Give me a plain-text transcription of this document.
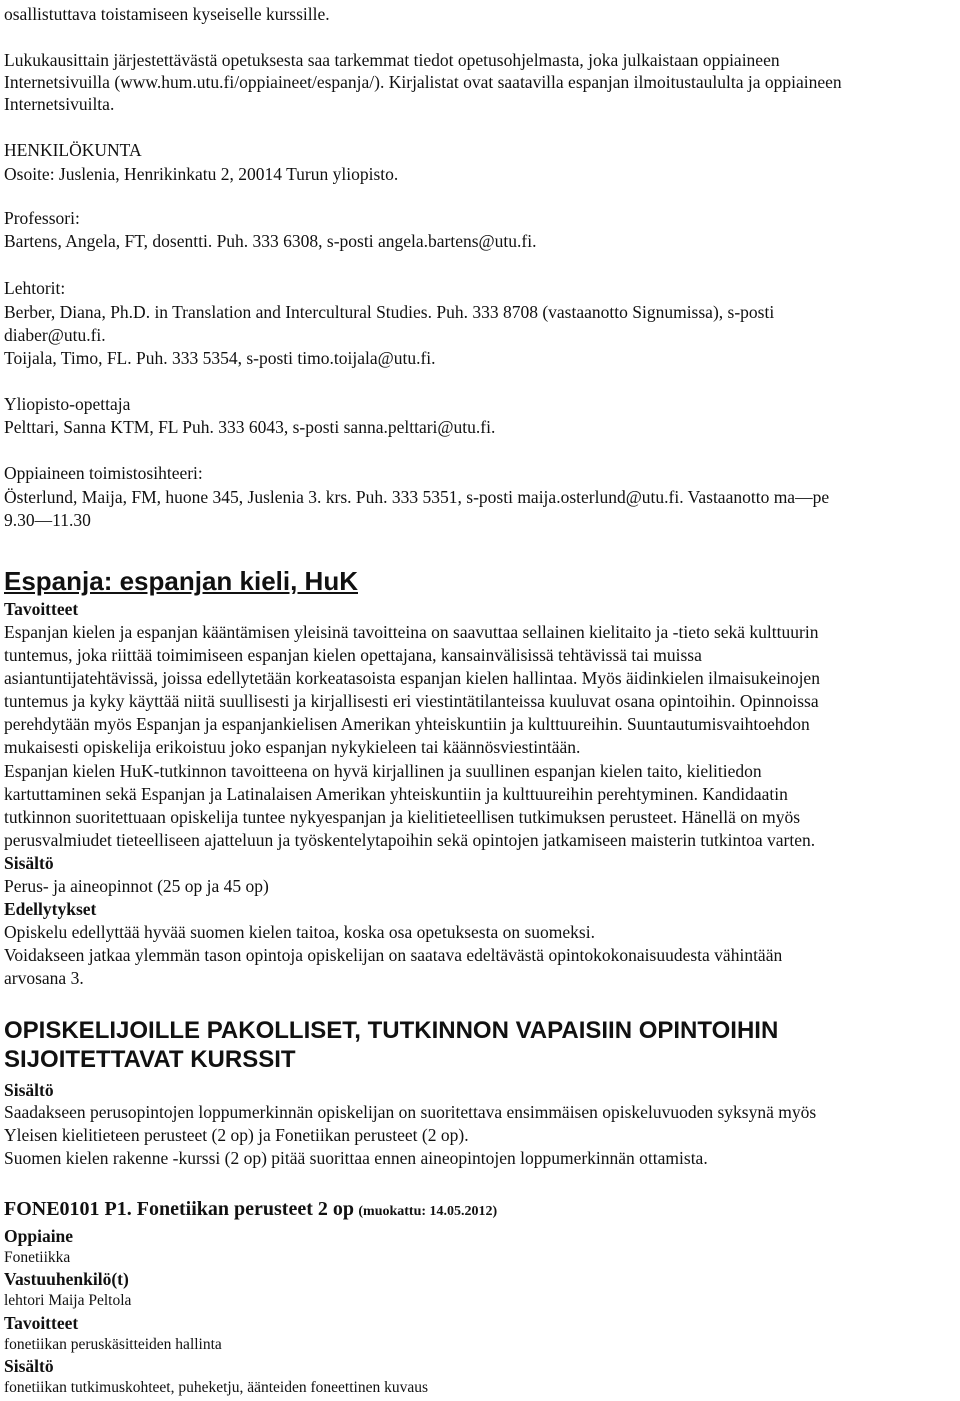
osallistuttava toistamiseen kyseiselle kurssille.
Lukukausittain järjestettävästä opetuksesta saa tarkemmat tiedot opetusohjelmasta, joka julkaistaan oppiaineen
Internetsivuilla (www.hum.utu.fi/oppiaineet/espanja/). Kirjalistat ovat saatavilla espanjan ilmoitustaululta ja oppiaineen
Internetsivuilta.
HENKILÖKUNTA
Osoite: Juslenia, Henrikinkatu 2, 20014 Turun yliopisto.
Professori:
Bartens, Angela, FT, dosentti. Puh. 333 6308, s-posti angela.bartens@utu.fi.
Lehtorit:
Berber, Diana, Ph.D. in Translation and Intercultural Studies. Puh. 333 8708 (vastaanotto Signumissa), s-posti
diaber@utu.fi.
Toijala, Timo, FL. Puh. 333 5354, s-posti timo.toijala@utu.fi.
Yliopisto-opettaja
Pelttari, Sanna KTM, FL Puh. 333 6043, s-posti sanna.pelttari@utu.fi.
Oppiaineen toimistosihteeri:
Österlund, Maija, FM, huone 345, Juslenia 3. krs. Puh. 333 5351, s-posti maija.osterlund@utu.fi. Vastaanotto ma—pe
9.30—11.30
Espanja: espanjan kieli, HuK
Tavoitteet
Espanjan kielen ja espanjan kääntämisen yleisinä tavoitteina on saavuttaa sellainen kielitaito ja -tieto sekä kulttuurin
tuntemus, joka riittää toimimiseen espanjan kielen opettajana, kansainvälisissä tehtävissä tai muissa
asiantuntijatehtävissä, joissa edellytetään korkeatasoista espanjan kielen hallintaa. Myös äidinkielen ilmaisukeinojen
tuntemus ja kyky käyttää niitä suullisesti ja kirjallisesti eri viestintätilanteissa kuuluvat osana opintoihin. Opinnoissa
perehdytään myös Espanjan ja espanjankielisen Amerikan yhteiskuntiin ja kulttuureihin. Suuntautumisvaihtoehdon
mukaisesti opiskelija erikoistuu joko espanjan nykykieleen tai käännösviestintään.
Espanjan kielen HuK-tutkinnon tavoitteena on hyvä kirjallinen ja suullinen espanjan kielen taito, kielitiedon
kartuttaminen sekä Espanjan ja Latinalaisen Amerikan yhteiskuntiin ja kulttuureihin perehtyminen. Kandidaatin
tutkinnon suoritettuaan opiskelija tuntee nykyespanjan ja kielitieteellisen tutkimuksen perusteet. Hänellä on myös
perusvalmiudet tieteelliseen ajatteluun ja työskentelytapoihin sekä opintojen jatkamiseen maisterin tutkintoa varten.
Sisältö
Perus- ja aineopinnot (25 op ja 45 op)
Edellytykset
Opiskelu edellyttää hyvää suomen kielen taitoa, koska osa opetuksesta on suomeksi.
Voidakseen jatkaa ylemmän tason opintoja opiskelijan on saatava edeltävästä opintokokonaisuudesta vähintään
arvosana 3.
OPISKELIJOILLE PAKOLLISET, TUTKINNON VAPAISIIN OPINTOIHIN
SIJOITETTAVAT KURSSIT
Sisältö
Saadakseen perusopintojen loppumerkinnän opiskelijan on suoritettava ensimmäisen opiskeluvuoden syksynä myös
Yleisen kielitieteen perusteet (2 op) ja Fonetiikan perusteet (2 op).
Suomen kielen rakenne -kurssi (2 op) pitää suorittaa ennen aineopintojen loppumerkinnän ottamista.
FONE0101 P1. Fonetiikan perusteet 2 op (muokattu: 14.05.2012)
Oppiaine
Fonetiikka
Vastuuhenkilö(t)
lehtori Maija Peltola
Tavoitteet
fonetiikan peruskäsitteiden hallinta
Sisältö
fonetiikan tutkimuskohteet, puheketju, äänteiden foneettinen kuvaus
